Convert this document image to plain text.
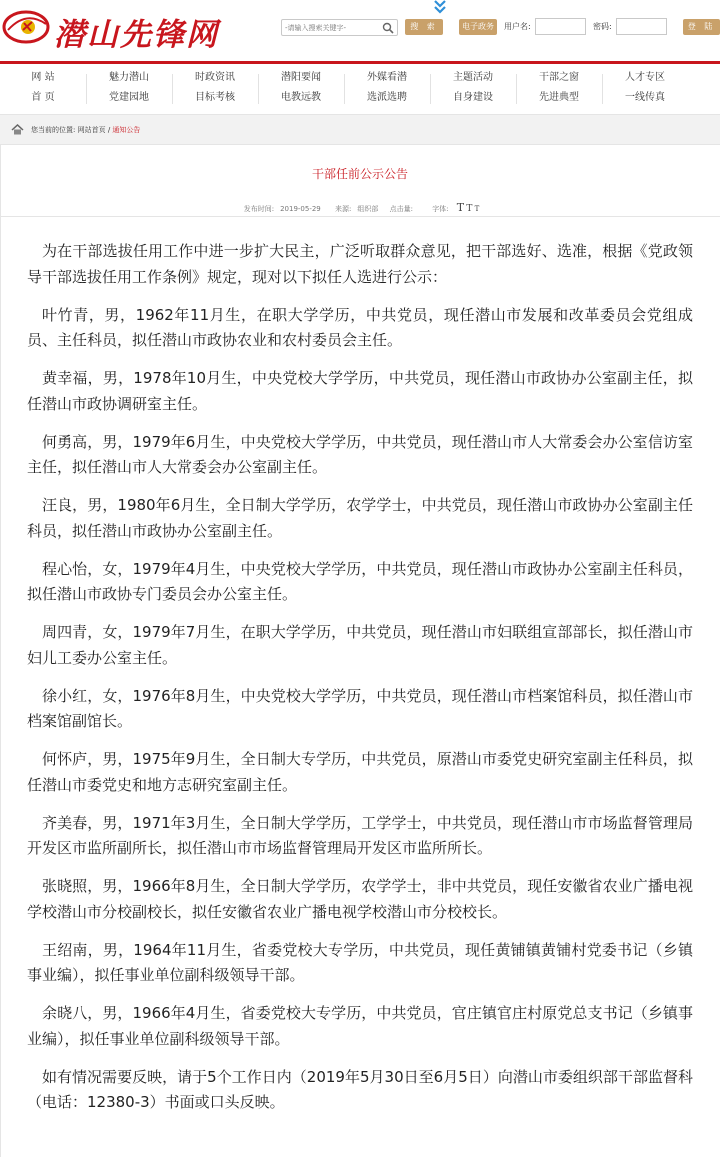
潜山先锋网
-请输入搜索关键字-	搜 索	电子政务	用户名:	密码:	登 陆
网 站
首 页
魅力潜山
党建园地
时政资讯
目标考核
潜阳要闻
电教远教
外媒看潜
选派选聘
主题活动
自身建设
干部之窗
先进典型
人才专区
一线传真
您当前的位置: 网站首页 / 通知公告
干部任前公示公告
发布时间: 2019-05-29 来源: 组织部 点击量:	字体: T T T

为在干部选拔任用工作中进一步扩大民主，广泛听取群众意见，把干部选好、选准，根据《党政领导干部选拔任用工作条例》规定，现对以下拟任人选进行公示：

叶竹青，男，1962年11月生，在职大学学历，中共党员，现任潜山市发展和改革委员会党组成员、主任科员，拟任潜山市政协农业和农村委员会主任。

黄幸福，男，1978年10月生，中央党校大学学历，中共党员，现任潜山市政协办公室副主任，拟任潜山市政协调研室主任。

何勇高，男，1979年6月生，中央党校大学学历，中共党员，现任潜山市人大常委会办公室信访室主任，拟任潜山市人大常委会办公室副主任。

汪良，男，1980年6月生，全日制大学学历，农学学士，中共党员，现任潜山市政协办公室副主任科员，拟任潜山市政协办公室副主任。

程心怡，女，1979年4月生，中央党校大学学历，中共党员，现任潜山市政协办公室副主任科员，拟任潜山市政协专门委员会办公室主任。

周四青，女，1979年7月生，在职大学学历，中共党员，现任潜山市妇联组宣部部长，拟任潜山市妇儿工委办公室主任。

徐小红，女，1976年8月生，中央党校大学学历，中共党员，现任潜山市档案馆科员，拟任潜山市档案馆副馆长。

何怀庐，男，1975年9月生，全日制大专学历，中共党员，原潜山市委党史研究室副主任科员，拟任潜山市委党史和地方志研究室副主任。

齐美春，男，1971年3月生，全日制大学学历，工学学士，中共党员，现任潜山市市场监督管理局开发区市监所副所长，拟任潜山市市场监督管理局开发区市监所所长。

张晓照，男，1966年8月生，全日制大学学历，农学学士，非中共党员，现任安徽省农业广播电视学校潜山市分校副校长，拟任安徽省农业广播电视学校潜山市分校校长。

王绍南，男，1964年11月生，省委党校大专学历，中共党员，现任黄铺镇黄铺村党委书记（乡镇事业编），拟任事业单位副科级领导干部。

余晓八，男，1966年4月生，省委党校大专学历，中共党员，官庄镇官庄村原党总支书记（乡镇事业编），拟任事业单位副科级领导干部。

如有情况需要反映，请于5个工作日内（2019年5月30日至6月5日）向潜山市委组织部干部监督科（电话：12380-3）书面或口头反映。
